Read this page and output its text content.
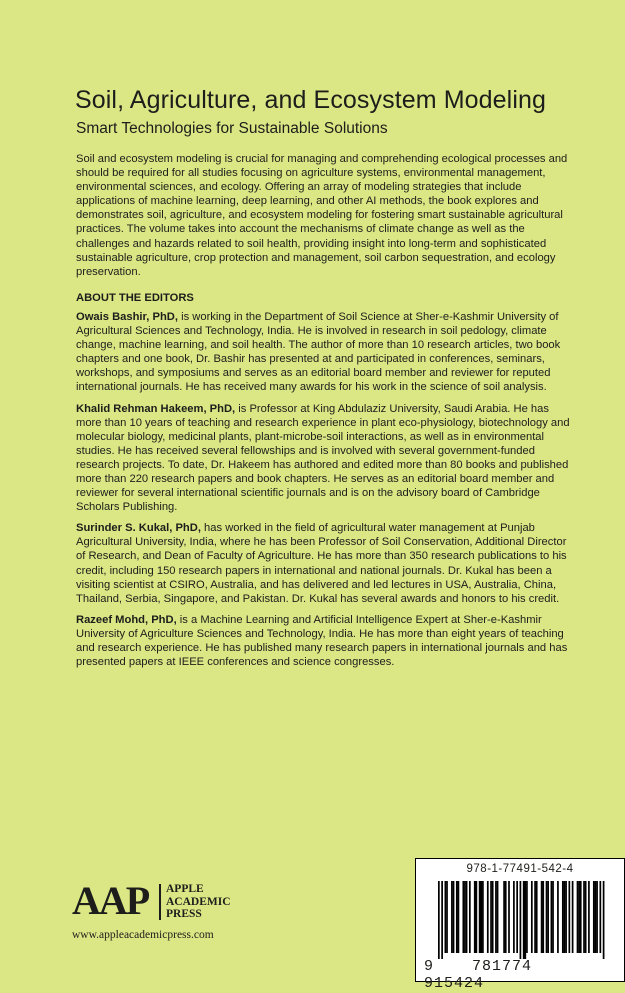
Soil, Agriculture, and Ecosystem Modeling
Smart Technologies for Sustainable Solutions

Soil and ecosystem modeling is crucial for managing and comprehending ecological processes and should be required for all studies focusing on agriculture systems, environmental management, environmental sciences, and ecology. Offering an array of modeling strategies that include applications of machine learning, deep learning, and other AI methods, the book explores and demonstrates soil, agriculture, and ecosystem modeling for fostering smart sustainable agricultural practices. The volume takes into account the mechanisms of climate change as well as the challenges and hazards related to soil health, providing insight into long-term and sophisticated sustainable agriculture, crop protection and management, soil carbon sequestration, and ecology preservation.

ABOUT THE EDITORS

Owais Bashir, PhD, is working in the Department of Soil Science at Sher-e-Kashmir University of Agricultural Sciences and Technology, India. He is involved in research in soil pedology, climate change, machine learning, and soil health. The author of more than 10 research articles, two book chapters and one book, Dr. Bashir has presented at and participated in conferences, seminars, workshops, and symposiums and serves as an editorial board member and reviewer for reputed international journals. He has received many awards for his work in the science of soil analysis.

Khalid Rehman Hakeem, PhD, is Professor at King Abdulaziz University, Saudi Arabia. He has more than 10 years of teaching and research experience in plant eco-physiology, biotechnology and molecular biology, medicinal plants, plant-microbe-soil interactions, as well as in environmental studies. He has received several fellowships and is involved with several government-funded research projects. To date, Dr. Hakeem has authored and edited more than 80 books and published more than 220 research papers and book chapters. He serves as an editorial board member and reviewer for several international scientific journals and is on the advisory board of Cambridge Scholars Publishing.

Surinder S. Kukal, PhD, has worked in the field of agricultural water management at Punjab Agricultural University, India, where he has been Professor of Soil Conservation, Additional Director of Research, and Dean of Faculty of Agriculture. He has more than 350 research publications to his credit, including 150 research papers in international and national journals. Dr. Kukal has been a visiting scientist at CSIRO, Australia, and has delivered and led lectures in USA, Australia, China, Thailand, Serbia, Singapore, and Pakistan. Dr. Kukal has several awards and honors to his credit.

Razeef Mohd, PhD, is a Machine Learning and Artificial Intelligence Expert at Sher-e-Kashmir University of Agriculture Sciences and Technology, India. He has more than eight years of teaching and research experience. He has published many research papers in international journals and has presented papers at IEEE conferences and science congresses.

AAP APPLE
ACADEMIC
PRESS
www.appleacademicpress.com
978-1-77491-542-4
9	781774  915424
